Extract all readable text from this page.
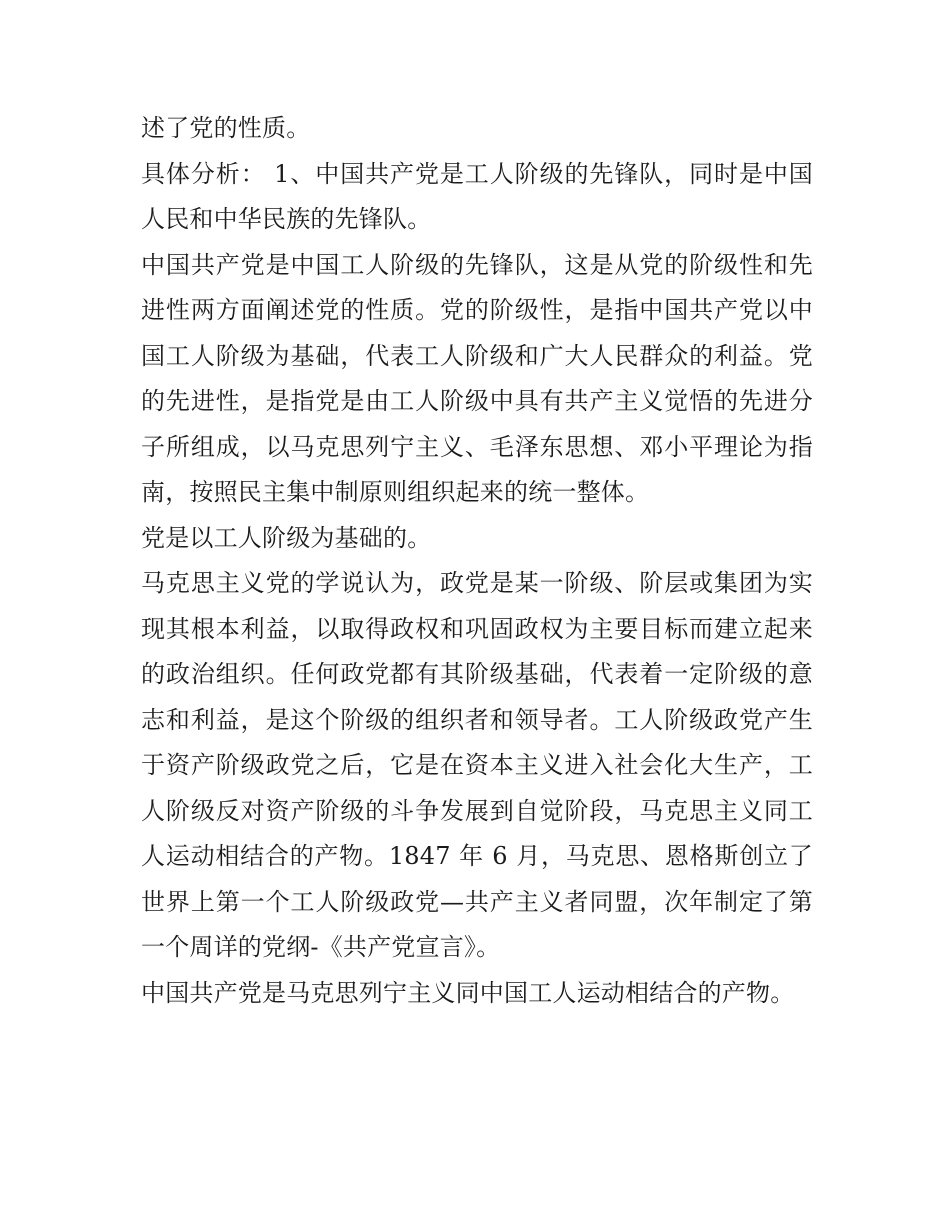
述了党的性质。

具体分析： 1、中国共产党是工人阶级的先锋队，同时是中国人民和中华民族的先锋队。

中国共产党是中国工人阶级的先锋队，这是从党的阶级性和先进性两方面阐述党的性质。党的阶级性，是指中国共产党以中国工人阶级为基础，代表工人阶级和广大人民群众的利益。党的先进性，是指党是由工人阶级中具有共产主义觉悟的先进分子所组成，以马克思列宁主义、毛泽东思想、邓小平理论为指南，按照民主集中制原则组织起来的统一整体。

党是以工人阶级为基础的。

马克思主义党的学说认为，政党是某一阶级、阶层或集团为实现其根本利益，以取得政权和巩固政权为主要目标而建立起来的政治组织。任何政党都有其阶级基础，代表着一定阶级的意志和利益，是这个阶级的组织者和领导者。工人阶级政党产生于资产阶级政党之后，它是在资本主义进入社会化大生产，工人阶级反对资产阶级的斗争发展到自觉阶段，马克思主义同工人运动相结合的产物。1847 年 6 月，马克思、恩格斯创立了世界上第一个工人阶级政党—共产主义者同盟，次年制定了第一个周详的党纲-《共产党宣言》。

中国共产党是马克思列宁主义同中国工人运动相结合的产物。
